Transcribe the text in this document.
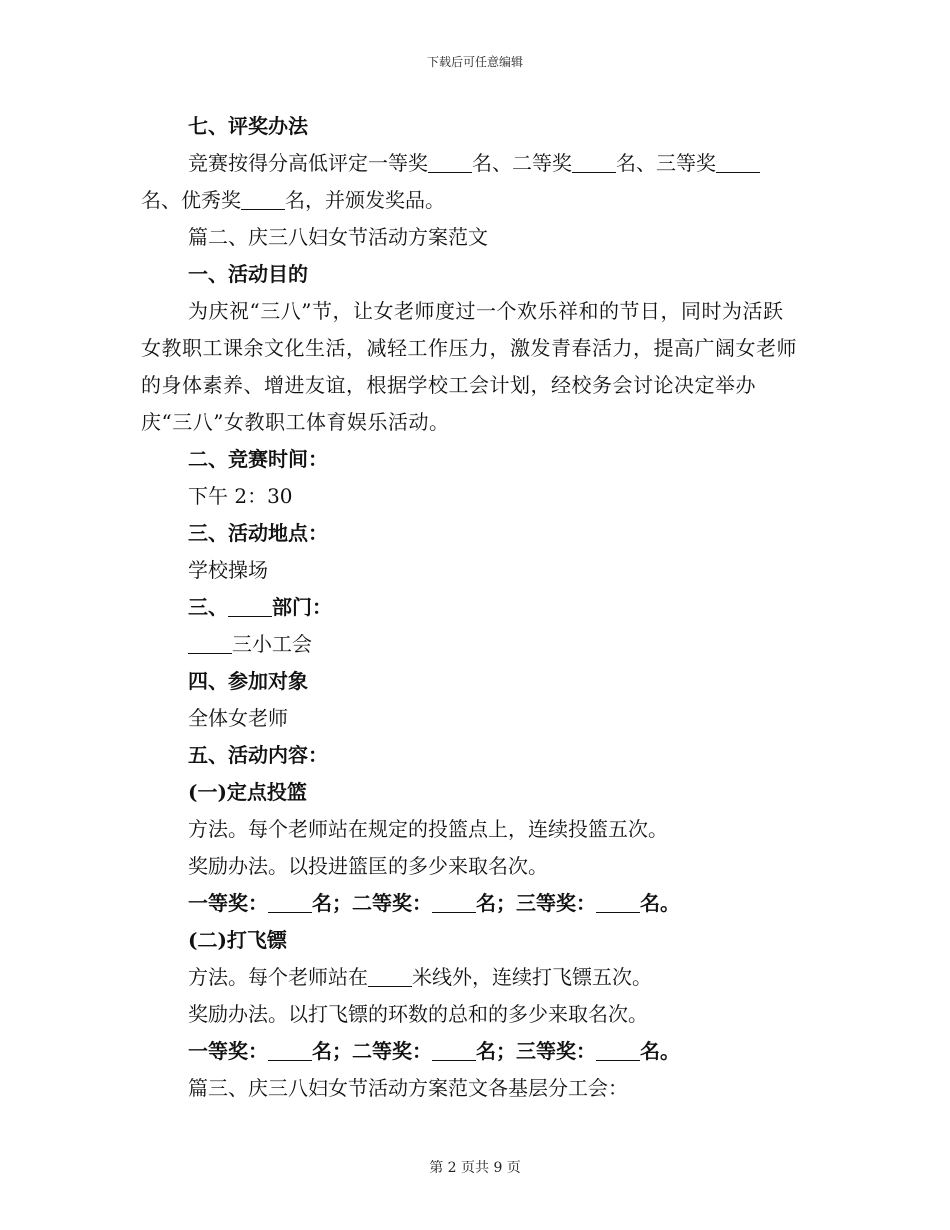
下载后可任意编辑

七、评奖办法

竞赛按得分高低评定一等奖 名、二等奖 名、三等奖

名、优秀奖 名，并颁发奖品。

篇二、庆三八妇女节活动方案范文

一、活动目的

为庆祝“三八”节，让女老师度过一个欢乐祥和的节日，同时为活跃女教职工课余文化生活，减轻工作压力，激发青春活力，提高广阔女老师的身体素养、增进友谊，根据学校工会计划，经校务会讨论决定举办庆“三八”女教职工体育娱乐活动。

二、竞赛时间：

下午 2：30

三、活动地点：

学校操场

三、 部门：

三小工会

四、参加对象

全体女老师

五、活动内容：

(一)定点投篮

方法。每个老师站在规定的投篮点上，连续投篮五次。

奖励办法。以投进篮匡的多少来取名次。

一等奖： 名；二等奖： 名；三等奖： 名。

(二)打飞镖

方法。每个老师站在 米线外，连续打飞镖五次。

奖励办法。以打飞镖的环数的总和的多少来取名次。

一等奖： 名；二等奖： 名；三等奖： 名。

篇三、庆三八妇女节活动方案范文各基层分工会：

第 2 页共 9 页
